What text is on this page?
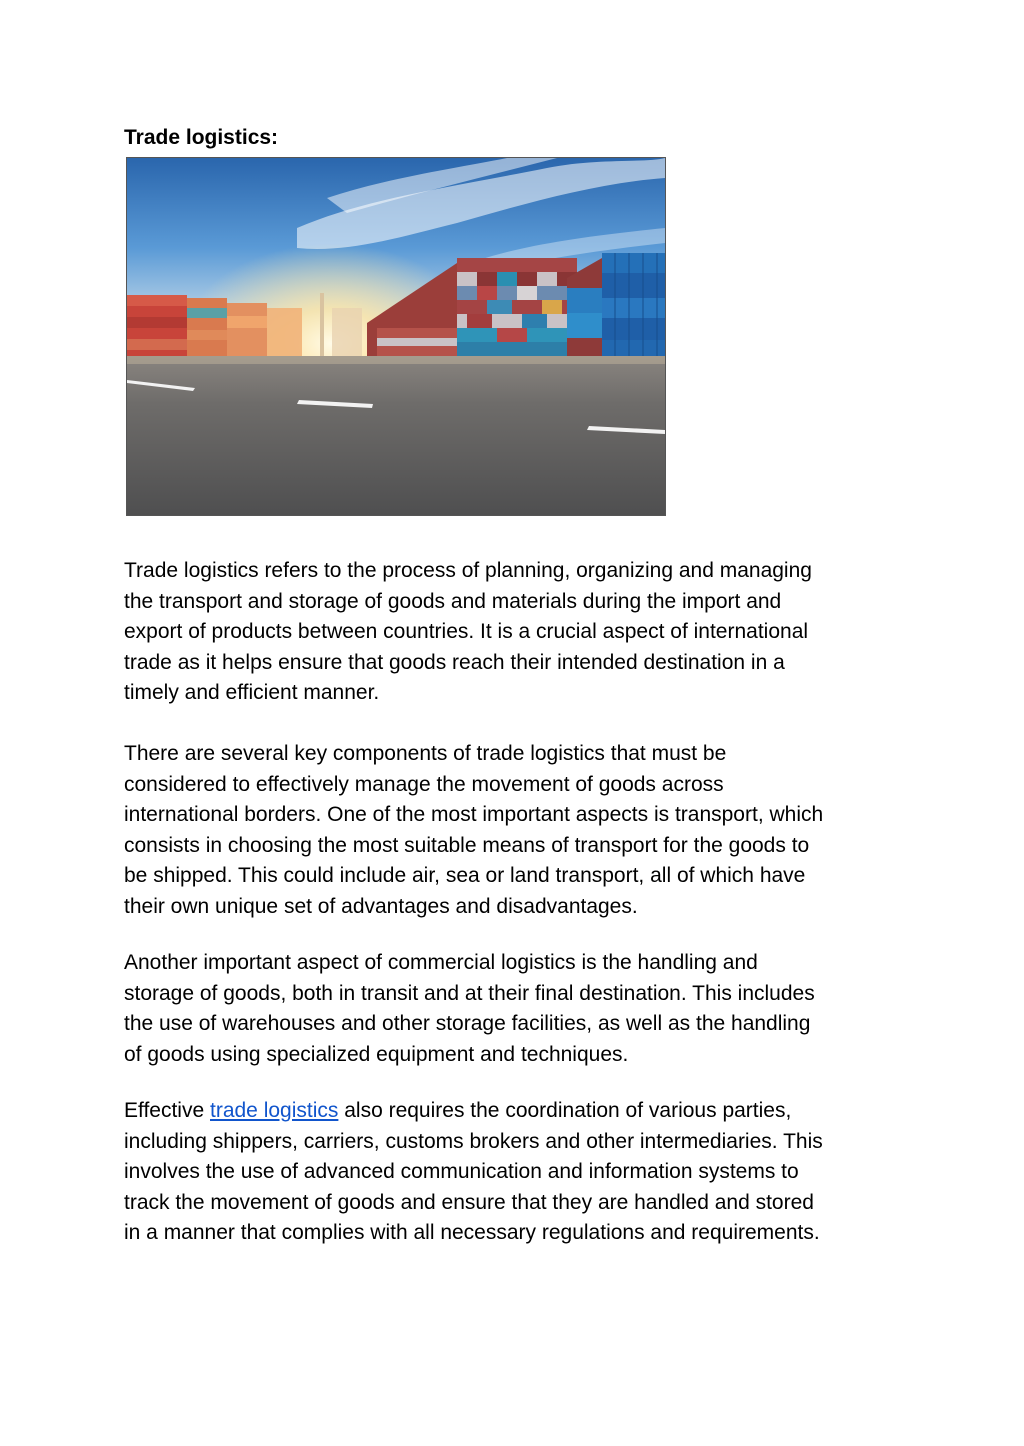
Trade logistics:

Trade logistics refers to the process of planning, organizing and managing
the transport and storage of goods and materials during the import and
export of products between countries. It is a crucial aspect of international
trade as it helps ensure that goods reach their intended destination in a
timely and efficient manner.

There are several key components of trade logistics that must be
considered to effectively manage the movement of goods across
international borders. One of the most important aspects is transport, which
consists in choosing the most suitable means of transport for the goods to
be shipped. This could include air, sea or land transport, all of which have
their own unique set of advantages and disadvantages.

Another important aspect of commercial logistics is the handling and
storage of goods, both in transit and at their final destination. This includes
the use of warehouses and other storage facilities, as well as the handling
of goods using specialized equipment and techniques.

Effective trade logistics also requires the coordination of various parties,
including shippers, carriers, customs brokers and other intermediaries. This
involves the use of advanced communication and information systems to
track the movement of goods and ensure that they are handled and stored
in a manner that complies with all necessary regulations and requirements.
